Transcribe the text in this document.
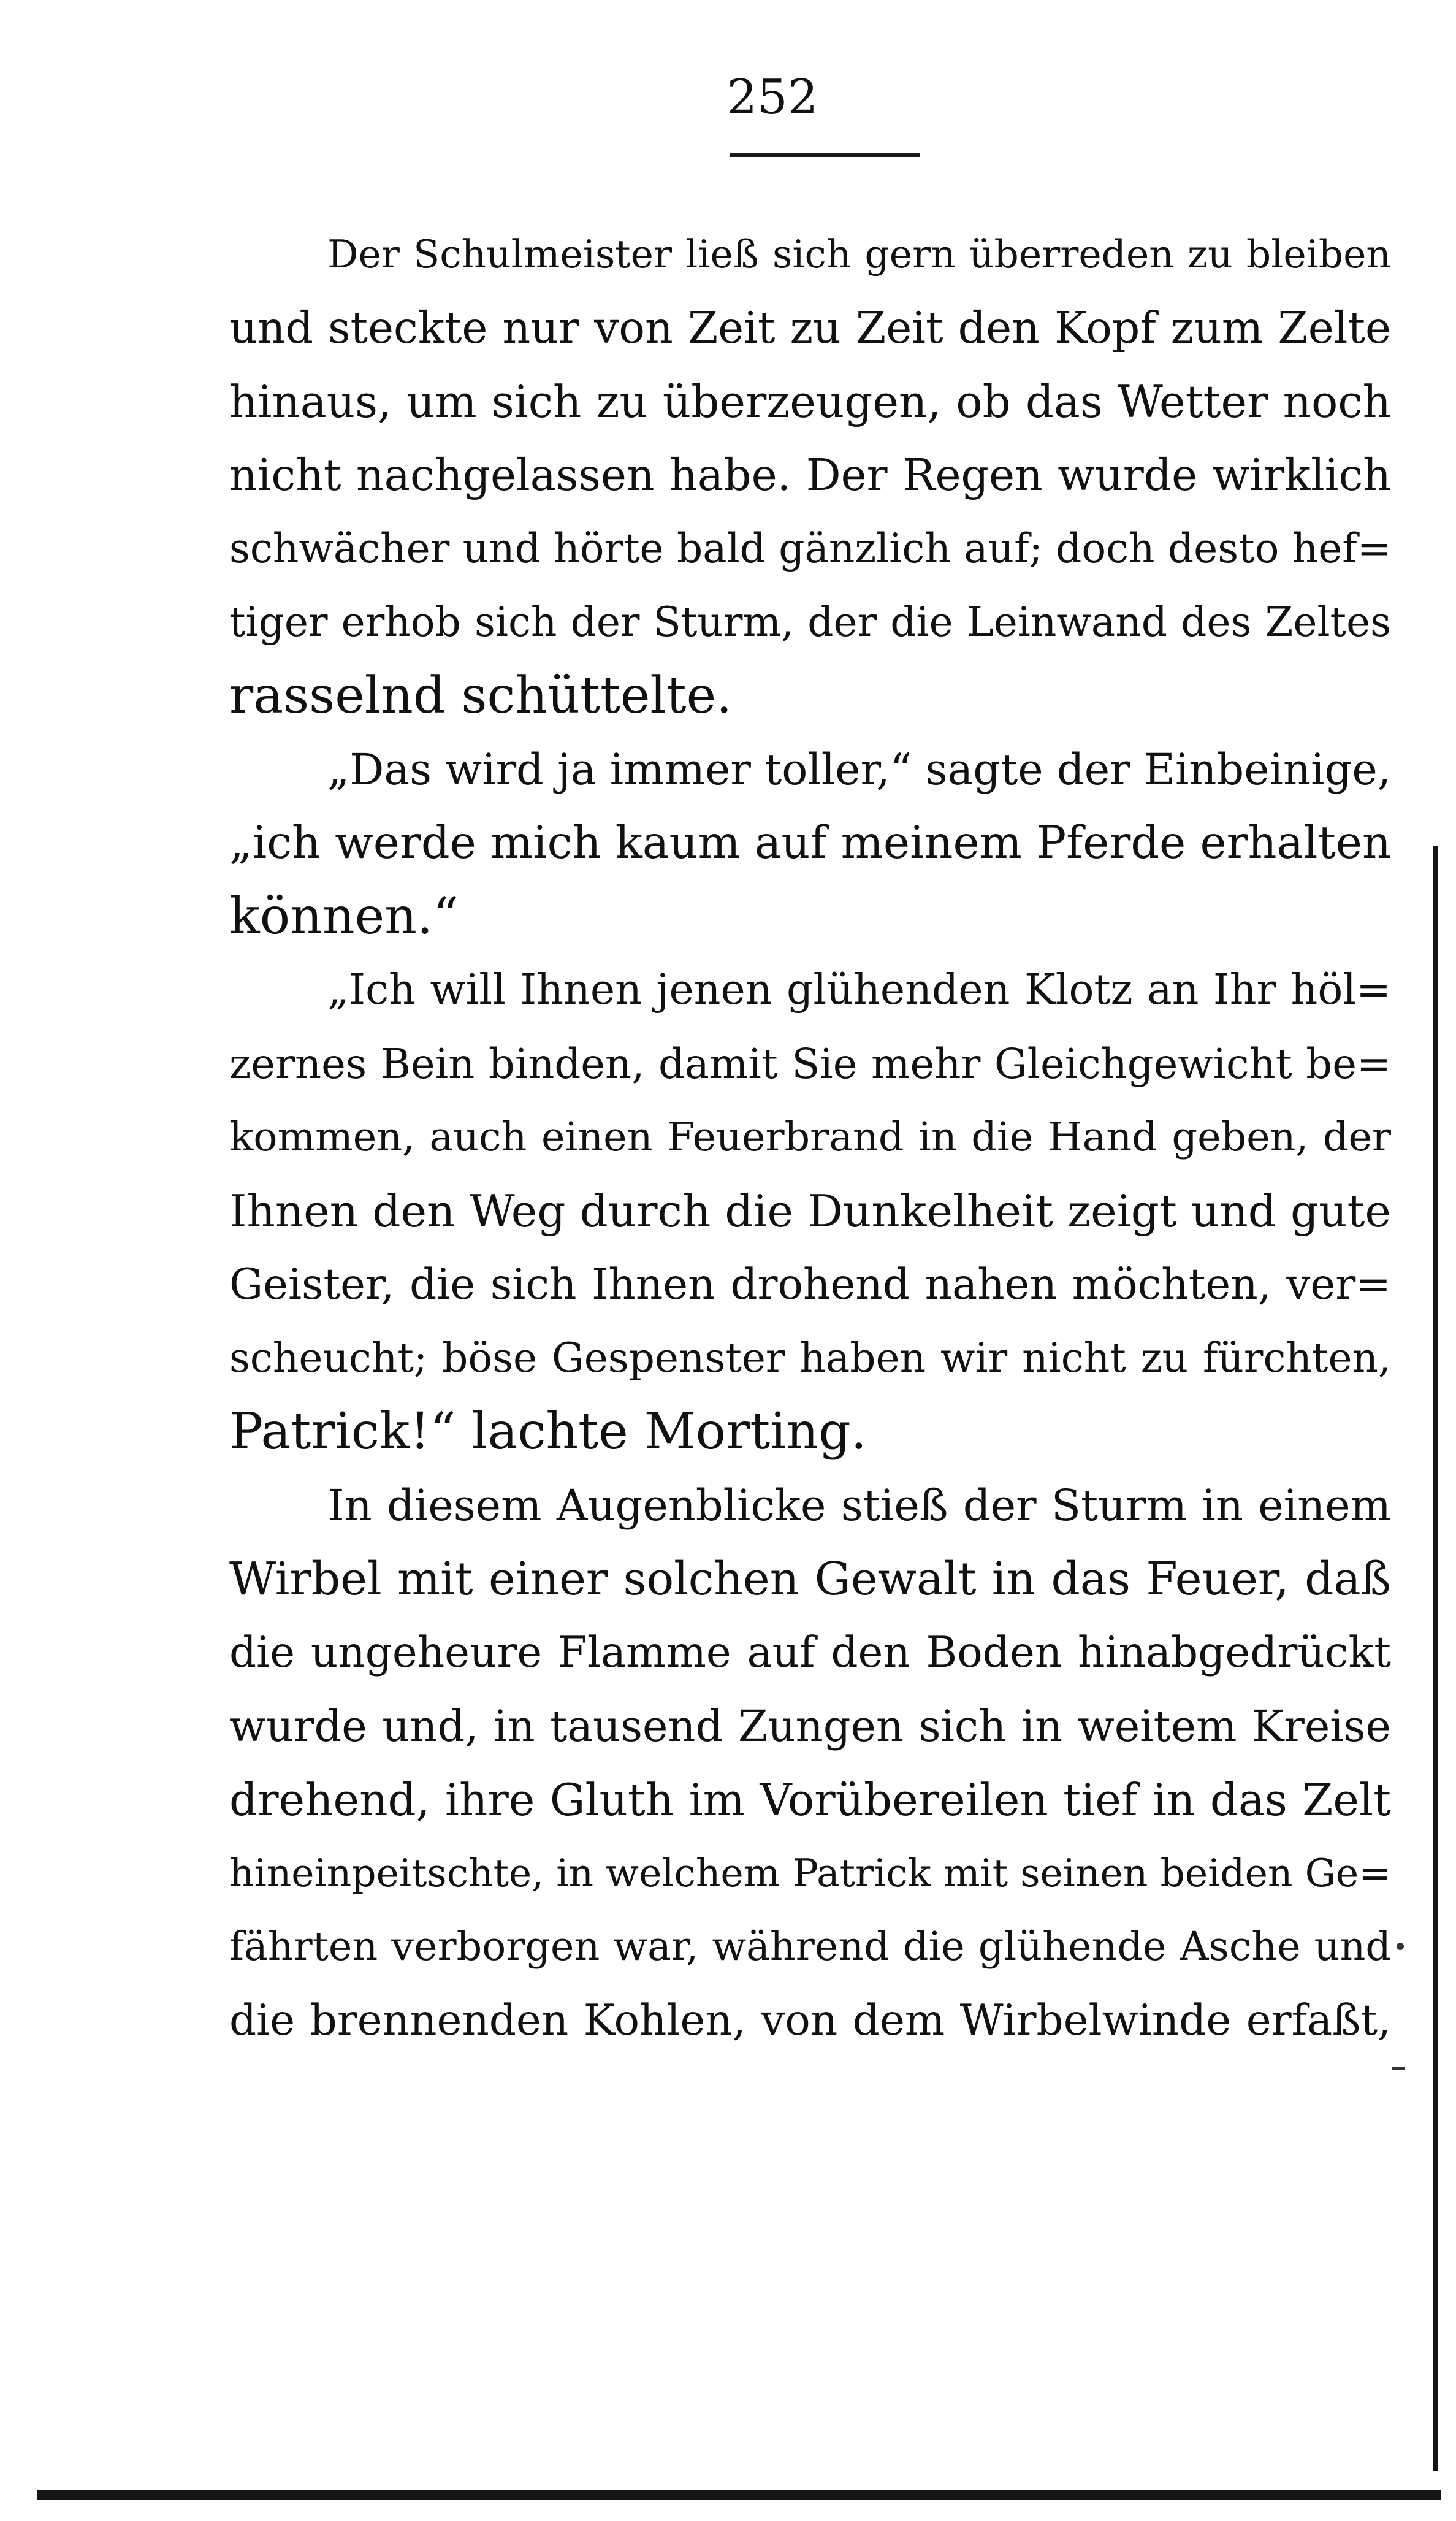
252
Der Schulmeister ließ sich gern überreden zu bleiben
und steckte nur von Zeit zu Zeit den Kopf zum Zelte
hinaus, um sich zu überzeugen, ob das Wetter noch
nicht nachgelassen habe. Der Regen wurde wirklich
schwächer und hörte bald gänzlich auf; doch desto hef=
tiger erhob sich der Sturm, der die Leinwand des Zeltes
rasselnd schüttelte.
„Das wird ja immer toller,“ sagte der Einbeinige,
„ich werde mich kaum auf meinem Pferde erhalten
können.“
„Ich will Ihnen jenen glühenden Klotz an Ihr höl=
zernes Bein binden, damit Sie mehr Gleichgewicht be=
kommen, auch einen Feuerbrand in die Hand geben, der
Ihnen den Weg durch die Dunkelheit zeigt und gute
Geister, die sich Ihnen drohend nahen möchten, ver=
scheucht; böse Gespenster haben wir nicht zu fürchten,
Patrick!“ lachte Morting.
In diesem Augenblicke stieß der Sturm in einem
Wirbel mit einer solchen Gewalt in das Feuer, daß
die ungeheure Flamme auf den Boden hinabgedrückt
wurde und, in tausend Zungen sich in weitem Kreise
drehend, ihre Gluth im Vorübereilen tief in das Zelt
hineinpeitschte, in welchem Patrick mit seinen beiden Ge=
fährten verborgen war, während die glühende Asche und
die brennenden Kohlen, von dem Wirbelwinde erfaßt,
